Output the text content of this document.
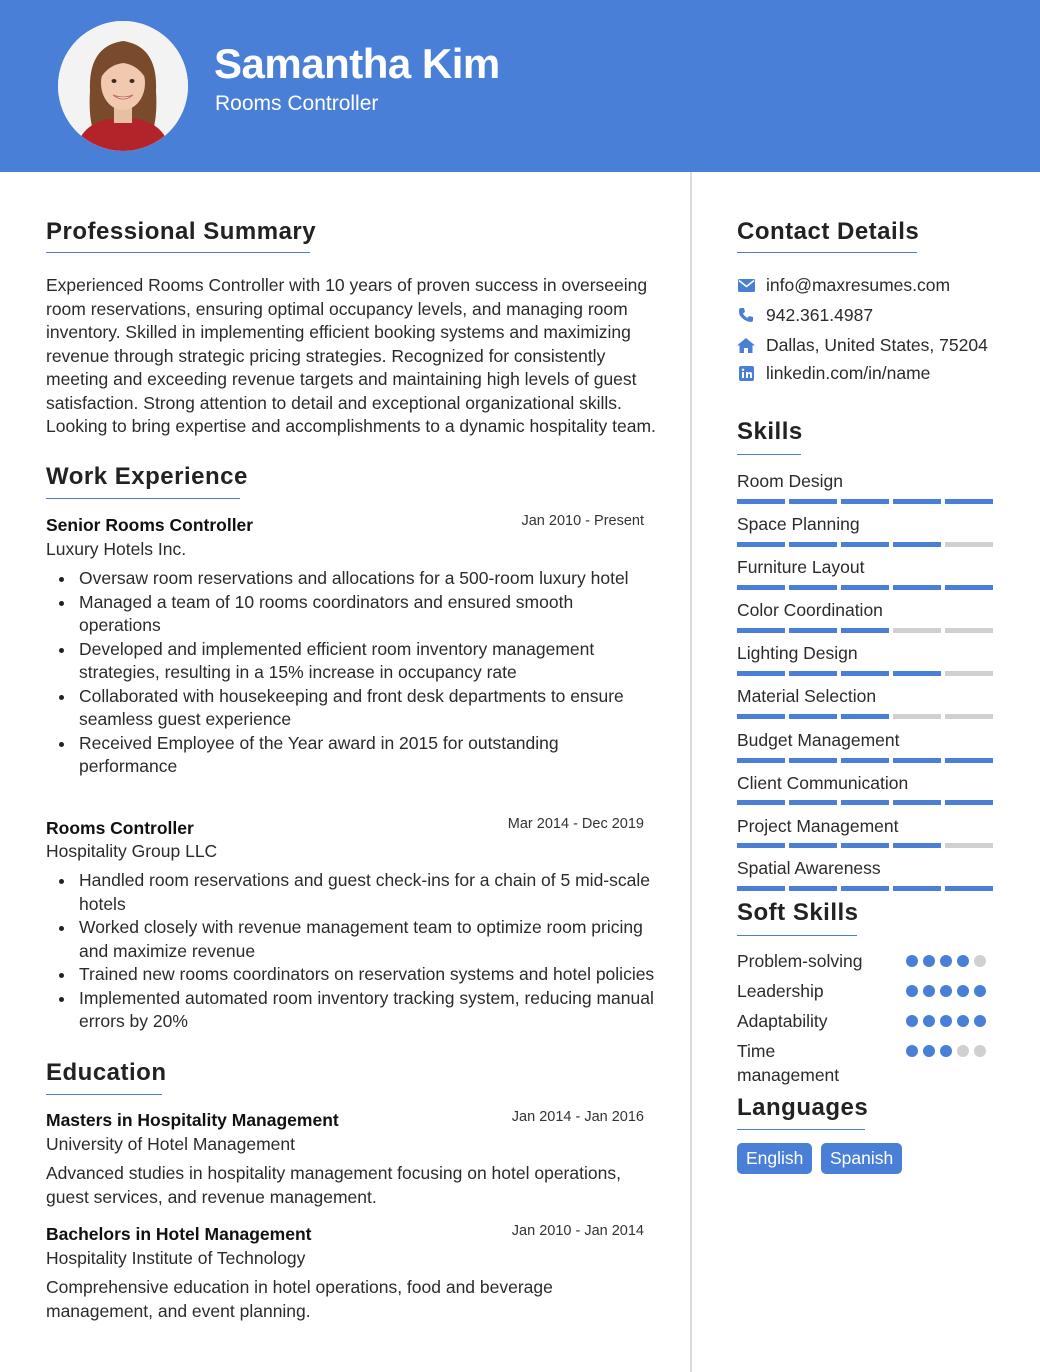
Samantha Kim
Rooms Controller
Professional Summary
Experienced Rooms Controller with 10 years of proven success in overseeing room reservations, ensuring optimal occupancy levels, and managing room inventory. Skilled in implementing efficient booking systems and maximizing revenue through strategic pricing strategies. Recognized for consistently meeting and exceeding revenue targets and maintaining high levels of guest satisfaction. Strong attention to detail and exceptional organizational skills. Looking to bring expertise and accomplishments to a dynamic hospitality team.
Work Experience
Senior Rooms Controller	Jan 2010 - Present
Luxury Hotels Inc.
Oversaw room reservations and allocations for a 500-room luxury hotel
Managed a team of 10 rooms coordinators and ensured smooth operations
Developed and implemented efficient room inventory management strategies, resulting in a 15% increase in occupancy rate
Collaborated with housekeeping and front desk departments to ensure seamless guest experience
Received Employee of the Year award in 2015 for outstanding performance
Rooms Controller	Mar 2014 - Dec 2019
Hospitality Group LLC
Handled room reservations and guest check-ins for a chain of 5 mid-scale hotels
Worked closely with revenue management team to optimize room pricing and maximize revenue
Trained new rooms coordinators on reservation systems and hotel policies
Implemented automated room inventory tracking system, reducing manual errors by 20%
Education
Masters in Hospitality Management	Jan 2014 - Jan 2016
University of Hotel Management
Advanced studies in hospitality management focusing on hotel operations, guest services, and revenue management.
Bachelors in Hotel Management	Jan 2010 - Jan 2014
Hospitality Institute of Technology
Comprehensive education in hotel operations, food and beverage management, and event planning.
Contact Details
info@maxresumes.com
942.361.4987
Dallas, United States, 75204
linkedin.com/in/name
Skills
Room Design
Space Planning
Furniture Layout
Color Coordination
Lighting Design
Material Selection
Budget Management
Client Communication
Project Management
Spatial Awareness
Soft Skills
Problem-solving
Leadership
Adaptability
Time management
Languages
English	Spanish
